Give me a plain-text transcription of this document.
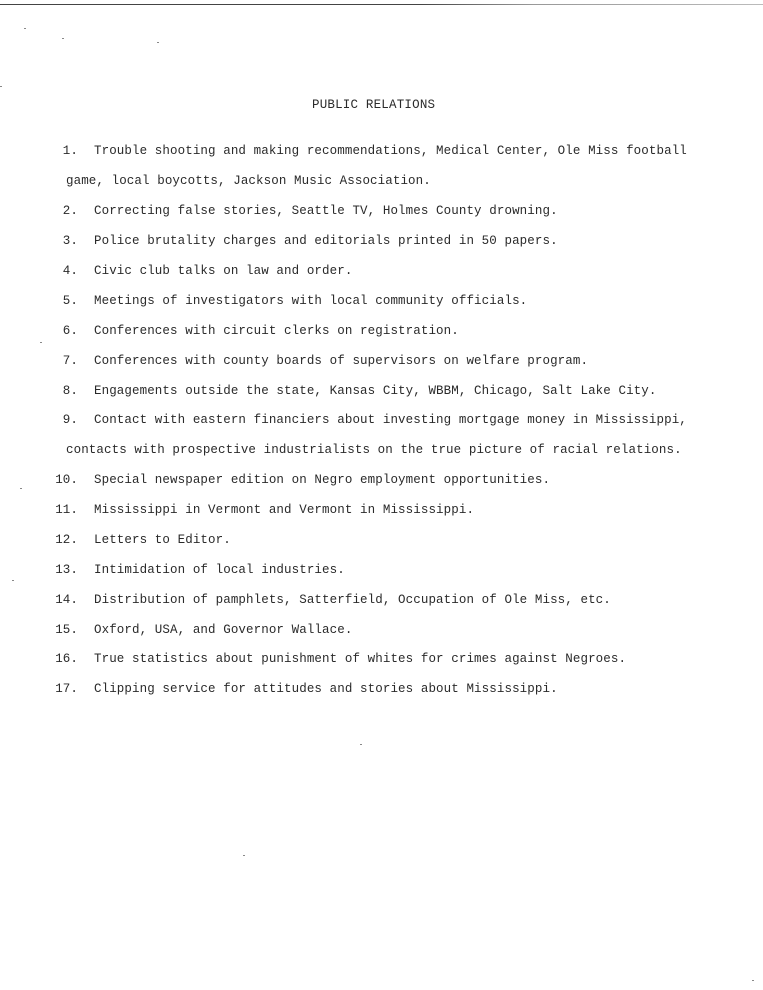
PUBLIC RELATIONS
1. Trouble shooting and making recommendations, Medical Center, Ole Miss football
game, local boycotts, Jackson Music Association.
2. Correcting false stories, Seattle TV, Holmes County drowning.
3. Police brutality charges and editorials printed in 50 papers.
4. Civic club talks on law and order.
5. Meetings of investigators with local community officials.
6. Conferences with circuit clerks on registration.
7. Conferences with county boards of supervisors on welfare program.
8. Engagements outside the state, Kansas City, WBBM, Chicago, Salt Lake City.
9. Contact with eastern financiers about investing mortgage money in Mississippi,
contacts with prospective industrialists on the true picture of racial relations.
10. Special newspaper edition on Negro employment opportunities.
11. Mississippi in Vermont and Vermont in Mississippi.
12. Letters to Editor.
13. Intimidation of local industries.
14. Distribution of pamphlets, Satterfield, Occupation of Ole Miss, etc.
15. Oxford, USA, and Governor Wallace.
16. True statistics about punishment of whites for crimes against Negroes.
17. Clipping service for attitudes and stories about Mississippi.
